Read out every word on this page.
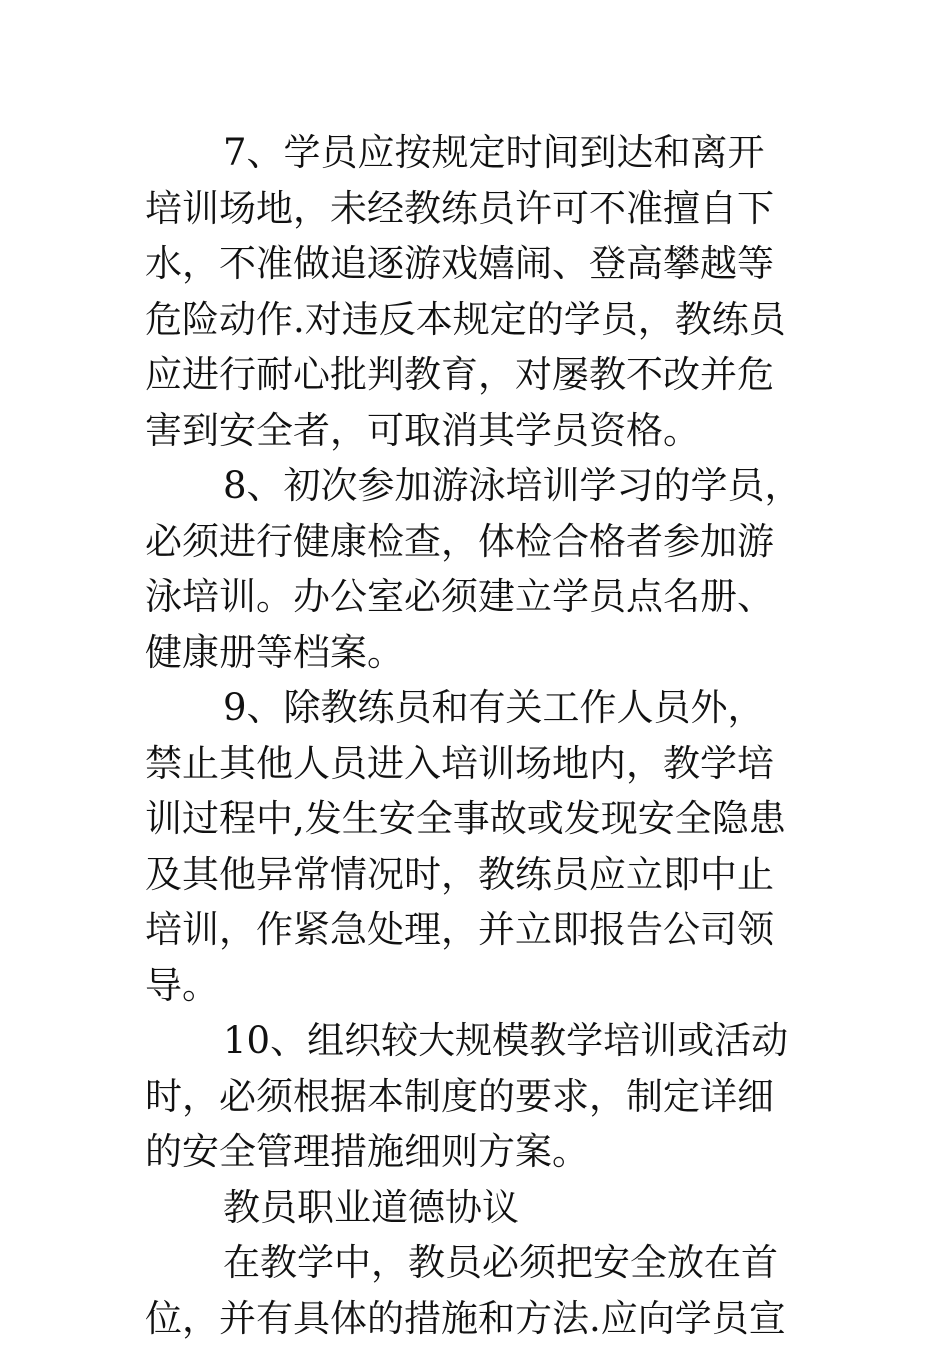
7、学员应按规定时间到达和离开
培训场地，未经教练员许可不准擅自下
水，不准做追逐游戏嬉闹、登高攀越等
危险动作.对违反本规定的学员，教练员
应进行耐心批判教育，对屡教不改并危
害到安全者，可取消其学员资格。
8、初次参加游泳培训学习的学员，
必须进行健康检查，体检合格者参加游
泳培训。办公室必须建立学员点名册、
健康册等档案。
9、除教练员和有关工作人员外，
禁止其他人员进入培训场地内，教学培
训过程中,发生安全事故或发现安全隐患
及其他异常情况时，教练员应立即中止
培训，作紧急处理，并立即报告公司领
导。
10、组织较大规模教学培训或活动
时，必须根据本制度的要求，制定详细
的安全管理措施细则方案。
教员职业道德协议
在教学中，教员必须把安全放在首
位，并有具体的措施和方法.应向学员宣
